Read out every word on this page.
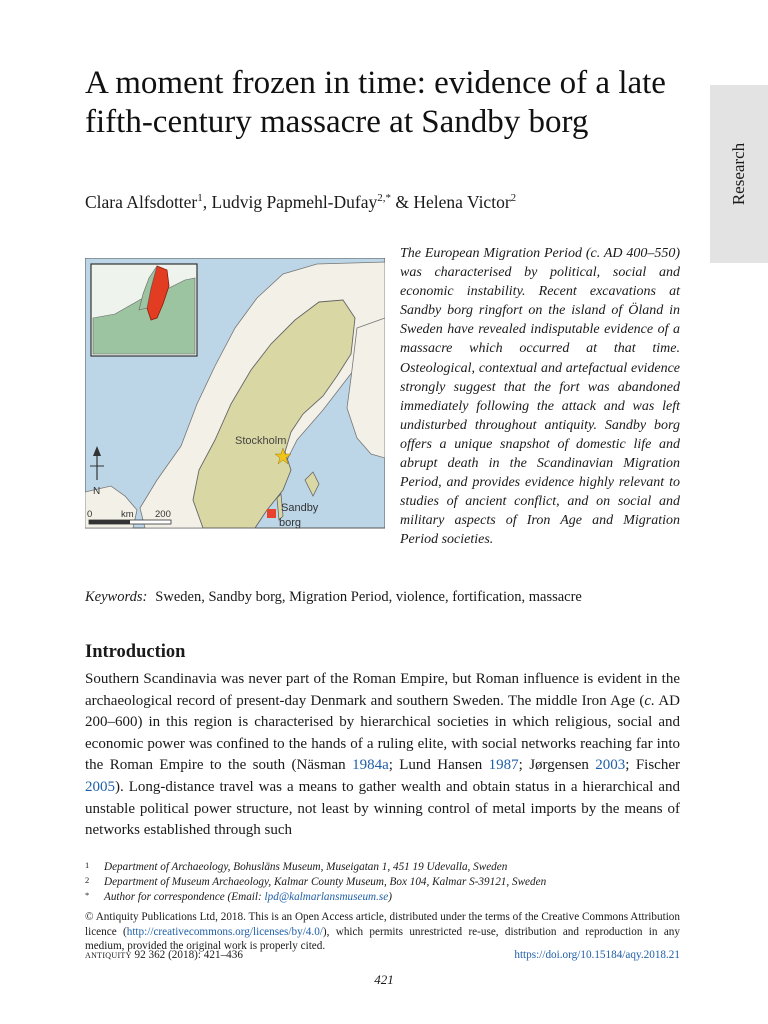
Research
A moment frozen in time: evidence of a late fifth-century massacre at Sandby borg
Clara Alfsdotter$^1$, Ludvig Papmehl-Dufay$^{2,*}$ & Helena Victor$^2$
Stockholm
Sandby
borg
N
0	km 200

The European Migration Period (c. AD 400–550) was characterised by political, social and economic instability. Recent excavations at Sandby borg ringfort on the island of Öland in Sweden have revealed indisputable evidence of a massacre which occurred at that time. Osteological, contextual and artefactual evidence strongly suggest that the fort was abandoned immediately following the attack and was left undisturbed throughout antiquity. Sandby borg offers a unique snapshot of domestic life and abrupt death in the Scandinavian Migration Period, and provides evidence highly relevant to studies of ancient conflict, and on social and military aspects of Iron Age and Migration Period societies.

Keywords: Sweden, Sandby borg, Migration Period, violence, fortification, massacre
Introduction

Southern Scandinavia was never part of the Roman Empire, but Roman influence is evident in the archaeological record of present-day Denmark and southern Sweden. The middle Iron Age (c. AD 200–600) in this region is characterised by hierarchical societies in which religious, social and economic power was confined to the hands of a ruling elite, with social networks reaching far into the Roman Empire to the south (Näsman 1984a; Lund Hansen 1987; Jørgensen 2003; Fischer 2005). Long-distance travel was a means to gather wealth and obtain status in a hierarchical and unstable political power structure, not least by winning control of metal imports by the means of networks established through such

1 Department of Archaeology, Bohusläns Museum, Museigatan 1, 451 19 Udevalla, Sweden
2 Department of Museum Archaeology, Kalmar County Museum, Box 104, Kalmar S-39121, Sweden
* Author for correspondence (Email: lpd@kalmarlansmuseum.se)

© Antiquity Publications Ltd, 2018. This is an Open Access article, distributed under the terms of the Creative Commons Attribution licence (http://creativecommons.org/licenses/by/4.0/), which permits unrestricted re-use, distribution and reproduction in any medium, provided the original work is properly cited.

antiquity 92 362 (2018): 421–436	https://doi.org/10.15184/aqy.2018.21
421
